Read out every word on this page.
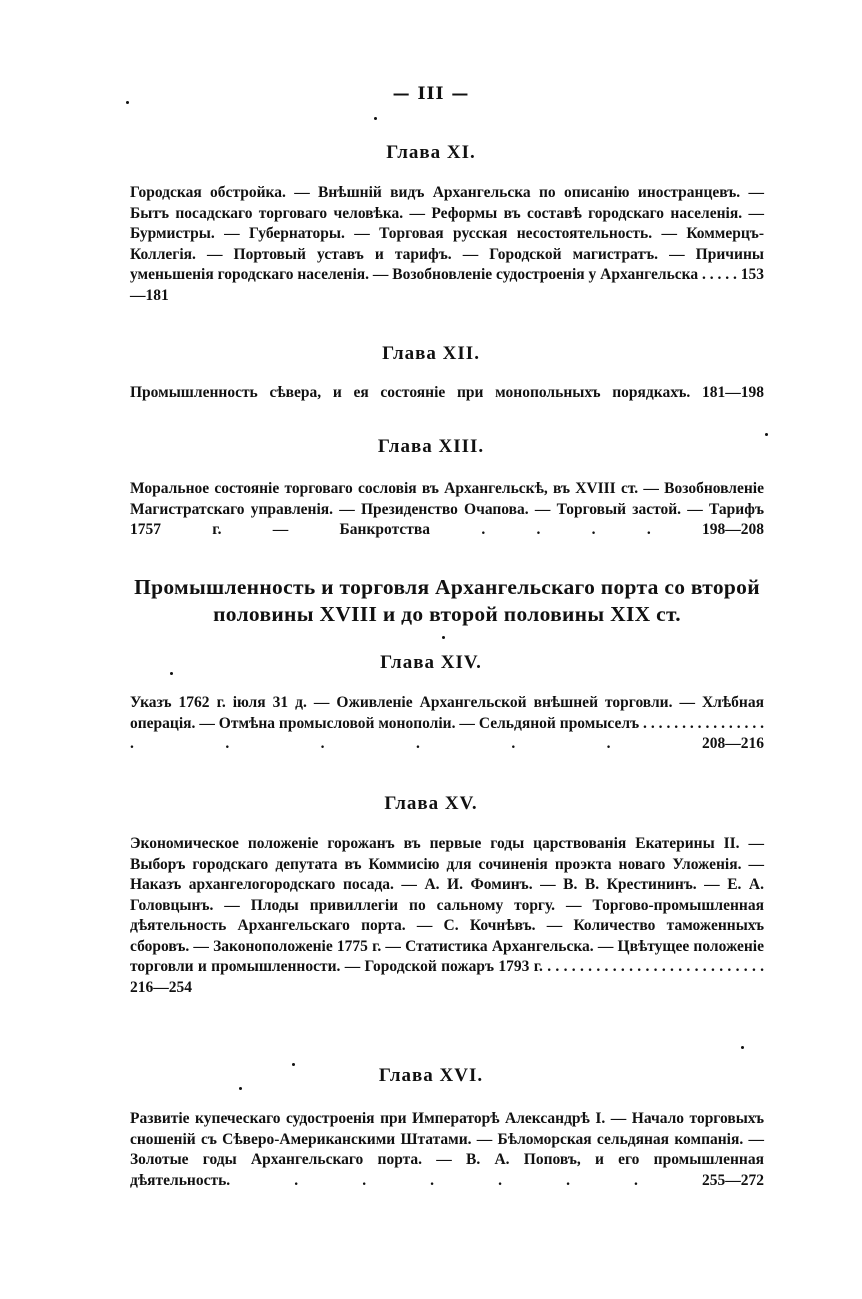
— III —
Глава XI.
Городская обстройка. — Внѣшній видъ Архангельска по описанію иностранцевъ. — Бытъ посадскаго торговаго человѣка. — Реформы въ составѣ городскаго населенія. — Бурмистры. — Губернаторы. — Торговая русская несостоятельность. — Коммерцъ-Коллегія. — Портовый уставъ и тарифъ. — Городской магистратъ. — Причины уменьшенія городскаго населенія. — Возобновленіе судостроенія у Архангельска . . . . . 153—181
Глава XII.
Промышленность сѣвера, и ея состояніе при монопольныхъ порядкахъ. 181—198
Глава XIII.
Моральное состояніе торговаго сословія въ Архангельскѣ, въ XVIII ст. — Возобновленіе Магистратскаго управленія. — Президенство Очапова. — Торговый застой. — Тарифъ 1757 г. — Банкротства	. . . . 198—208
Промышленность и торговля Архангельскаго порта со второй половины XVIII и до второй половины XIX ст.
Глава XIV.
Указъ 1762 г. іюля 31 д. — Оживленіе Архангельской внѣшней торговли. — Хлѣбная операція. — Отмѣна промысловой монополіи. — Сельдяной промыселъ . . . . . . . . . . . . . . . . . . . . . . 208—216
Глава XV.
Экономическое положеніе горожанъ въ первые годы царствованія Екатерины II. — Выборъ городскаго депутата въ Коммисію для сочиненія проэкта новаго Уложенія. — Наказъ архангелогородскаго посада. — А. И. Фоминъ. — В. В. Крестининъ. — Е. А. Головцынъ. — Плоды привиллегіи по сальному торгу. — Торгово-промышленная дѣятельность Архангельскаго порта. — С. Кочнѣвъ. — Количество таможенныхъ сборовъ. — Законоположеніе 1775 г. — Статистика Архангельска. — Цвѣтущее положеніе торговли и промышленности. — Городской пожаръ 1793 г. . . . . . . . . . . . . . . . . . . . . . . . . . . . 216—254
Глава XVI.
Развитіе купеческаго судостроенія при Императорѣ Александрѣ I. — Начало торговыхъ сношеній съ Сѣверо-Американскими Штатами. — Бѣломорская сельдяная компанія. — Золотые годы Архангельскаго порта. — В. А. Поповъ, и его промышленная дѣятельность.	. . . . . . 255—272
